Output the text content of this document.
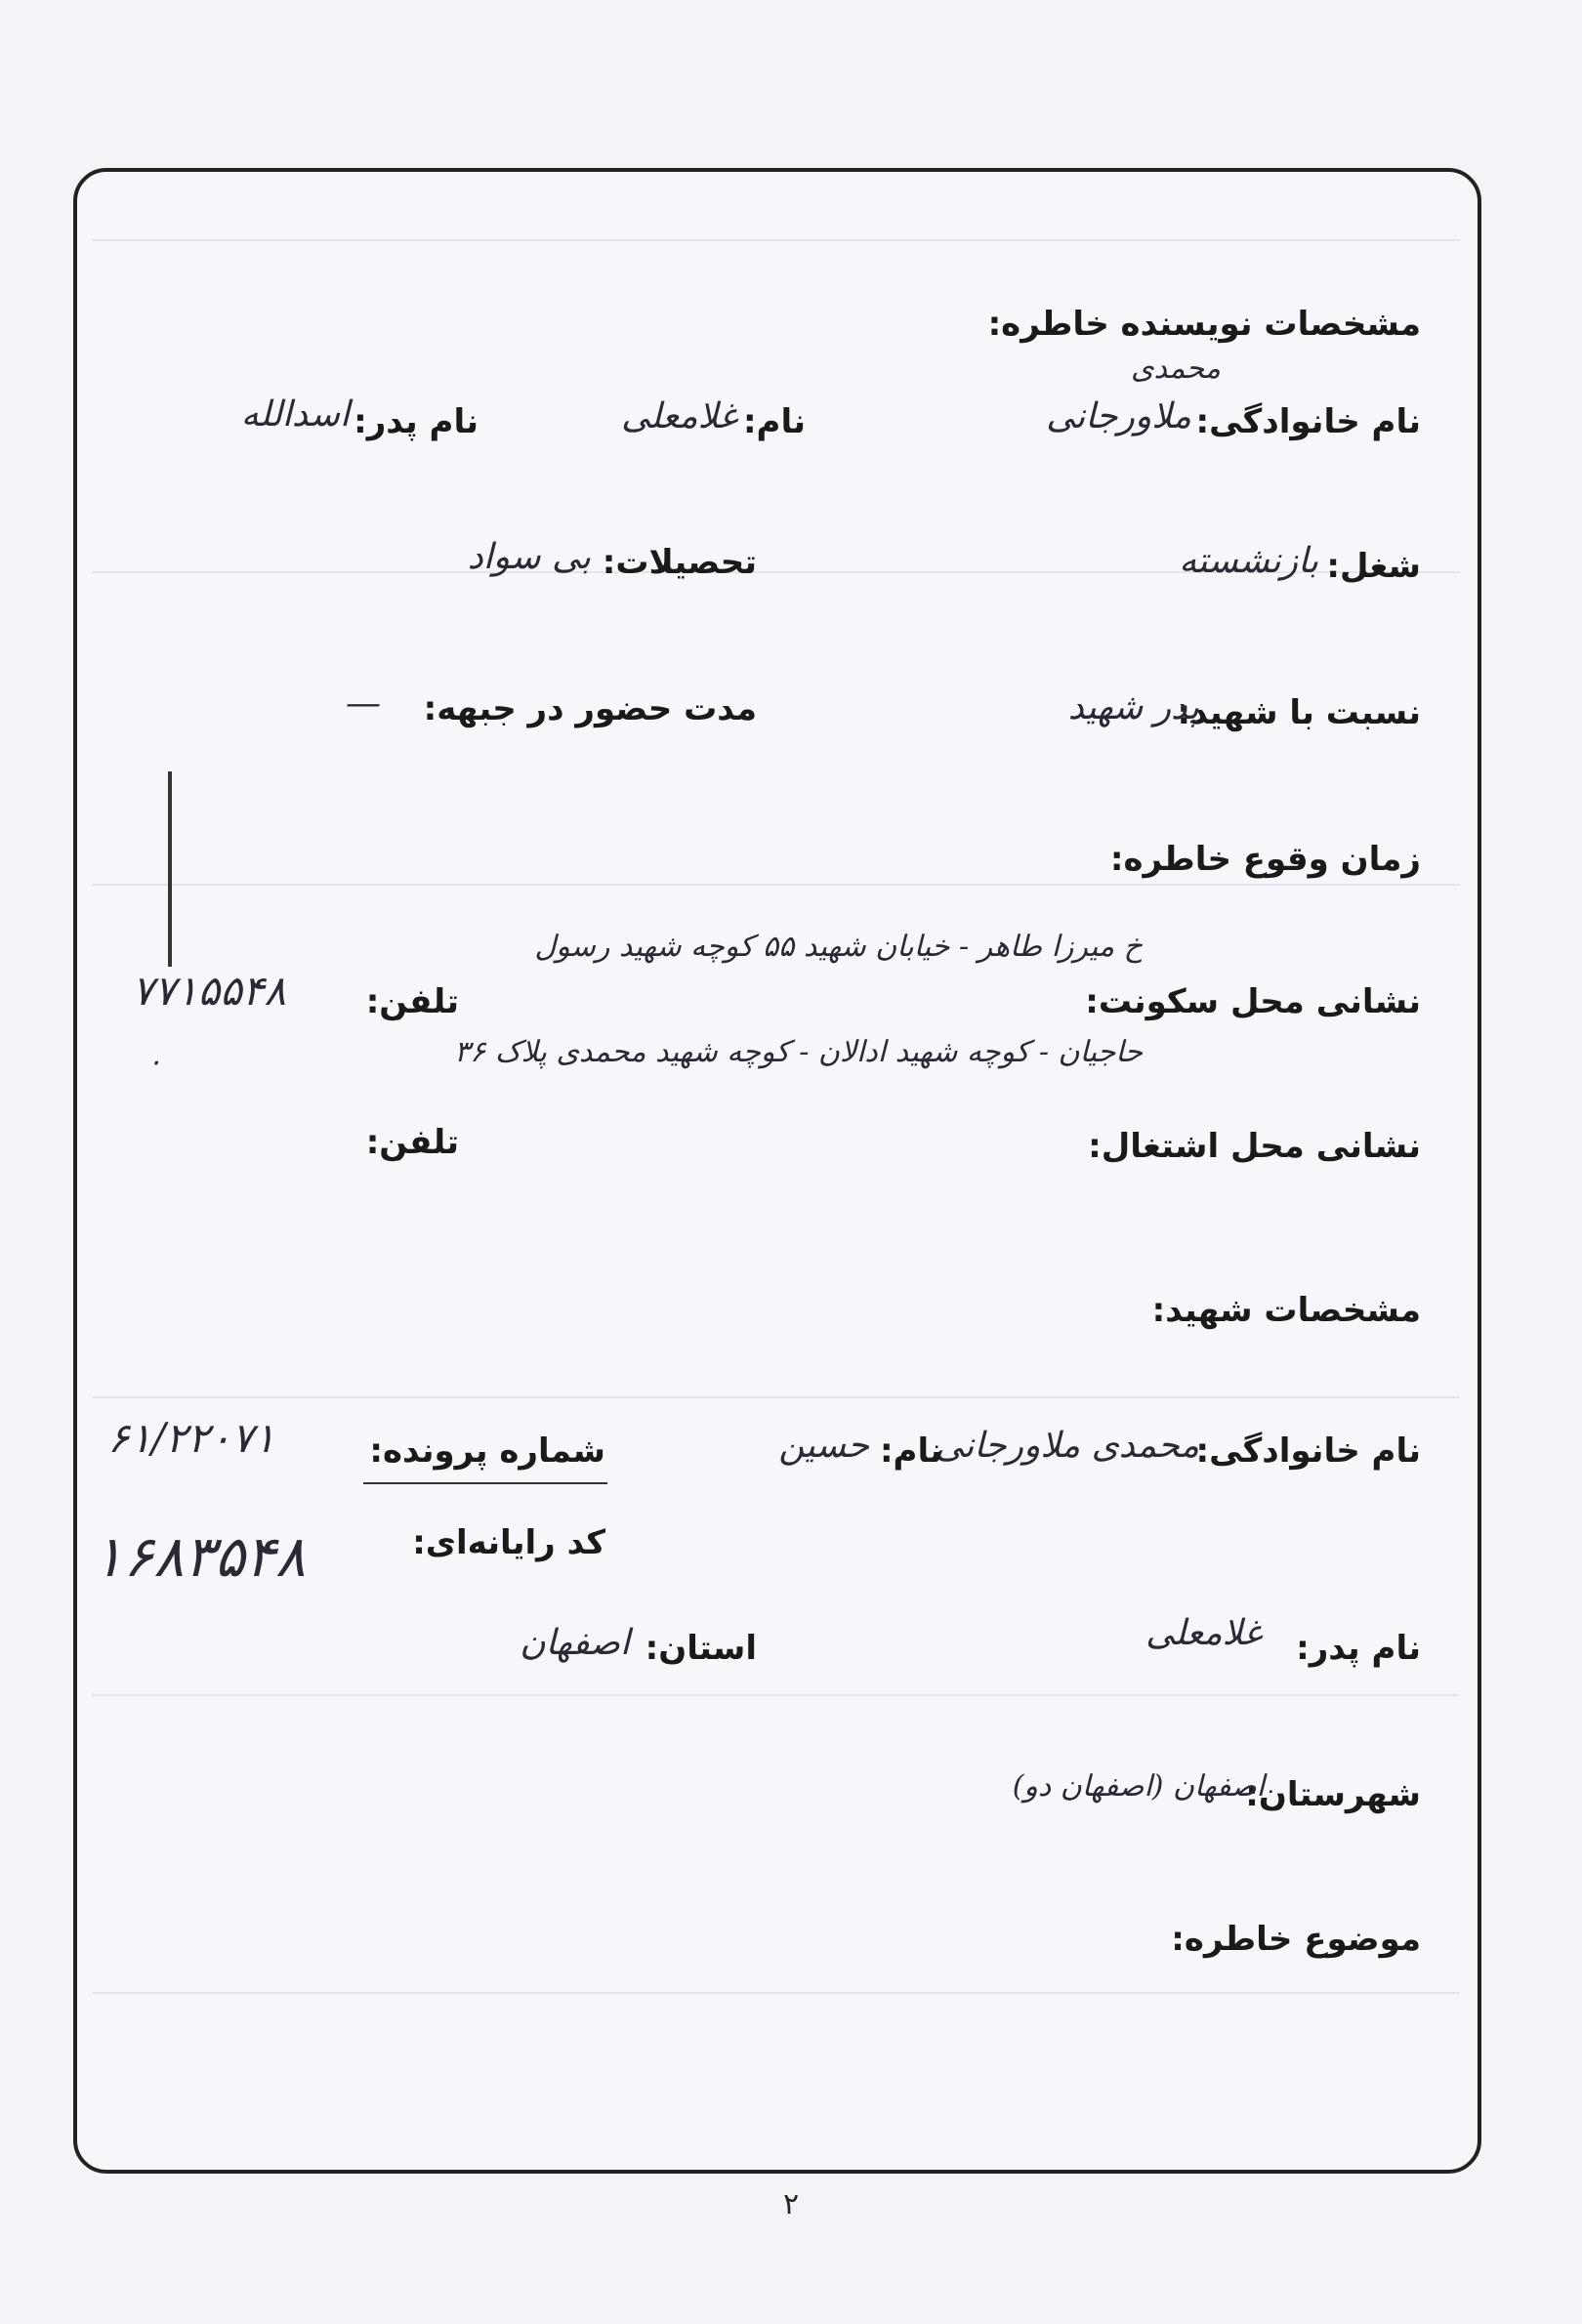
مشخصات نویسنده خاطره:
محمدی
نام خانوادگی:
ملاورجانی
نام:
غلامعلی
نام پدر:
اسدالله
شغل:
بازنشسته
تحصیلات:
بی سواد
نسبت با شهید:
پدر شهید
مدت حضور در جبهه:
—
زمان وقوع خاطره:
خ میرزا طاهر - خیابان شهید ۵۵ کوچه شهید رسول
نشانی محل سکونت:
تلفن:
۷۷۱۵۵۴۸
حاجیان - کوچه شهید ادالان - کوچه شهید محمدی پلاک ۳۶
۰
نشانی محل اشتغال:
تلفن:
مشخصات شهید:
نام خانوادگی:
محمدی ملاورجانی
نام:
حسین
شماره پرونده:
۶۱/۲۲۰۷۱
کد رایانه‌ای:
۱۶۸۳۵۴۸
نام پدر:
غلامعلی
استان:
اصفهان
شهرستان:
اصفهان (اصفهان دو)
موضوع خاطره:
۲
